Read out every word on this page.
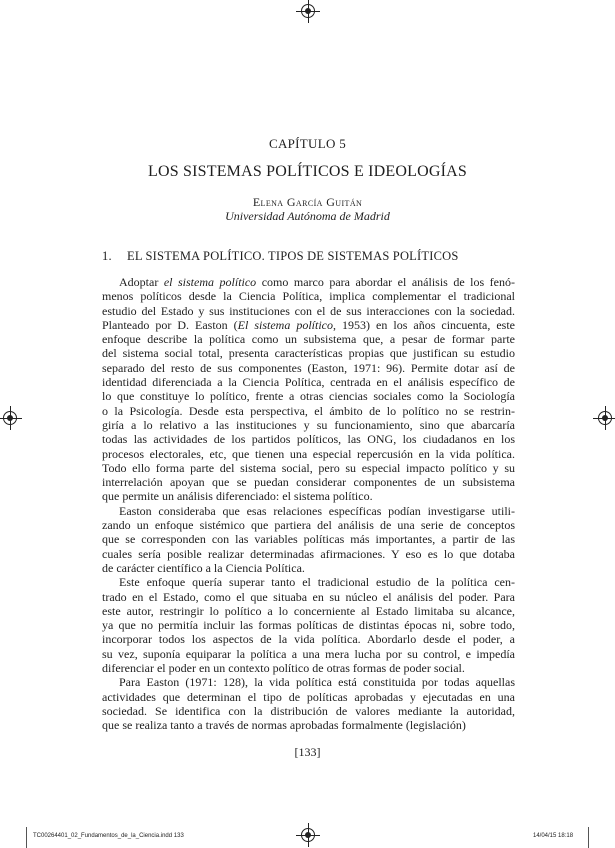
CAPÍTULO 5
LOS SISTEMAS POLÍTICOS E IDEOLOGÍAS
Elena García Guitán
Universidad Autónoma de Madrid
1. EL SISTEMA POLÍTICO. TIPOS DE SISTEMAS POLÍTICOS
Adoptar el sistema político como marco para abordar el análisis de los fenó-
menos políticos desde la Ciencia Política, implica complementar el tradicional
estudio del Estado y sus instituciones con el de sus interacciones con la sociedad.
Planteado por D. Easton (El sistema político, 1953) en los años cincuenta, este
enfoque describe la política como un subsistema que, a pesar de formar parte
del sistema social total, presenta características propias que justifican su estudio
separado del resto de sus componentes (Easton, 1971: 96). Permite dotar así de
identidad diferenciada a la Ciencia Política, centrada en el análisis específico de
lo que constituye lo político, frente a otras ciencias sociales como la Sociología
o la Psicología. Desde esta perspectiva, el ámbito de lo político no se restrin-
giría a lo relativo a las instituciones y su funcionamiento, sino que abarcaría
todas las actividades de los partidos políticos, las ONG, los ciudadanos en los
procesos electorales, etc, que tienen una especial repercusión en la vida política.
Todo ello forma parte del sistema social, pero su especial impacto político y su
interrelación apoyan que se puedan considerar componentes de un subsistema
que permite un análisis diferenciado: el sistema político.
Easton consideraba que esas relaciones específicas podían investigarse utili-
zando un enfoque sistémico que partiera del análisis de una serie de conceptos
que se corresponden con las variables políticas más importantes, a partir de las
cuales sería posible realizar determinadas afirmaciones. Y eso es lo que dotaba
de carácter científico a la Ciencia Política.
Este enfoque quería superar tanto el tradicional estudio de la política cen-
trado en el Estado, como el que situaba en su núcleo el análisis del poder. Para
este autor, restringir lo político a lo concerniente al Estado limitaba su alcance,
ya que no permitía incluir las formas políticas de distintas épocas ni, sobre todo,
incorporar todos los aspectos de la vida política. Abordarlo desde el poder, a
su vez, suponía equiparar la política a una mera lucha por su control, e impedía
diferenciar el poder en un contexto político de otras formas de poder social.
Para Easton (1971: 128), la vida política está constituida por todas aquellas
actividades que determinan el tipo de políticas aprobadas y ejecutadas en una
sociedad. Se identifica con la distribución de valores mediante la autoridad,
que se realiza tanto a través de normas aprobadas formalmente (legislación)
[133]
TC00264401_02_Fundamentos_de_la_Ciencia.indd 133	14/04/15 18:18
